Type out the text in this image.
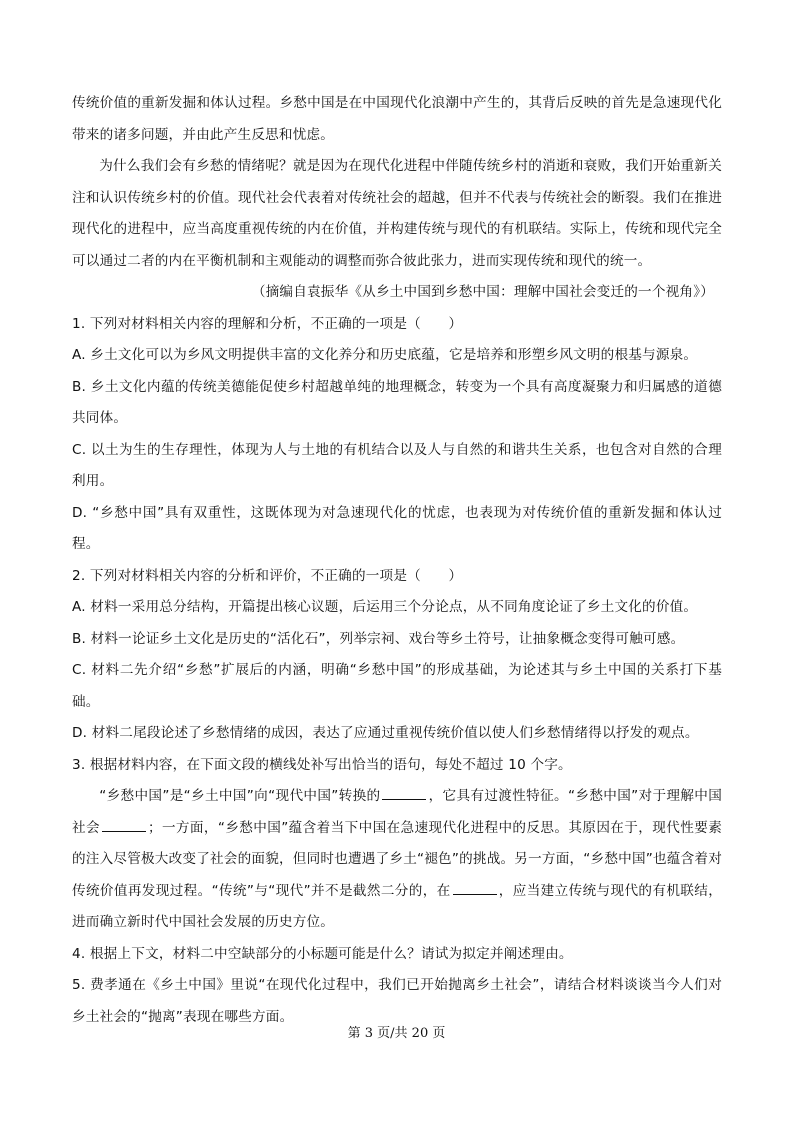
传统价值的重新发掘和体认过程。乡愁中国是在中国现代化浪潮中产生的，其背后反映的首先是急速现代化带来的诸多问题，并由此产生反思和忧虑。

为什么我们会有乡愁的情绪呢？就是因为在现代化进程中伴随传统乡村的消逝和衰败，我们开始重新关注和认识传统乡村的价值。现代社会代表着对传统社会的超越，但并不代表与传统社会的断裂。我们在推进现代化的进程中，应当高度重视传统的内在价值，并构建传统与现代的有机联结。实际上，传统和现代完全可以通过二者的内在平衡机制和主观能动的调整而弥合彼此张力，进而实现传统和现代的统一。

（摘编自袁振华《从乡土中国到乡愁中国：理解中国社会变迁的一个视角》）

1. 下列对材料相关内容的理解和分析，不正确的一项是（　　）

A. 乡土文化可以为乡风文明提供丰富的文化养分和历史底蕴，它是培养和形塑乡风文明的根基与源泉。

B. 乡土文化内蕴的传统美德能促使乡村超越单纯的地理概念，转变为一个具有高度凝聚力和归属感的道德共同体。

C. 以土为生的生存理性，体现为人与土地的有机结合以及人与自然的和谐共生关系，也包含对自然的合理利用。

D. “乡愁中国”具有双重性，这既体现为对急速现代化的忧虑，也表现为对传统价值的重新发掘和体认过程。

2. 下列对材料相关内容的分析和评价，不正确的一项是（　　）

A. 材料一采用总分结构，开篇提出核心议题，后运用三个分论点，从不同角度论证了乡土文化的价值。

B. 材料一论证乡土文化是历史的“活化石”，列举宗祠、戏台等乡土符号，让抽象概念变得可触可感。

C. 材料二先介绍“乡愁”扩展后的内涵，明确“乡愁中国”的形成基础，为论述其与乡土中国的关系打下基础。

D. 材料二尾段论述了乡愁情绪的成因，表达了应通过重视传统价值以使人们乡愁情绪得以抒发的观点。

3. 根据材料内容，在下面文段的横线处补写出恰当的语句，每处不超过 10 个字。

“乡愁中国”是“乡土中国”向“现代中国”转换的	，它具有过渡性特征。“乡愁中国”对于理解中国社会	；一方面，“乡愁中国”蕴含着当下中国在急速现代化进程中的反思。其原因在于，现代性要素的注入尽管极大改变了社会的面貌，但同时也遭遇了乡土“褪色”的挑战。另一方面，“乡愁中国”也蕴含着对传统价值再发现过程。“传统”与“现代”并不是截然二分的，在	，应当建立传统与现代的有机联结，进而确立新时代中国社会发展的历史方位。

4. 根据上下文，材料二中空缺部分的小标题可能是什么？请试为拟定并阐述理由。

5. 费孝通在《乡土中国》里说“在现代化过程中，我们已开始抛离乡土社会”，请结合材料谈谈当今人们对乡土社会的“抛离”表现在哪些方面。

第 3 页/共 20 页
